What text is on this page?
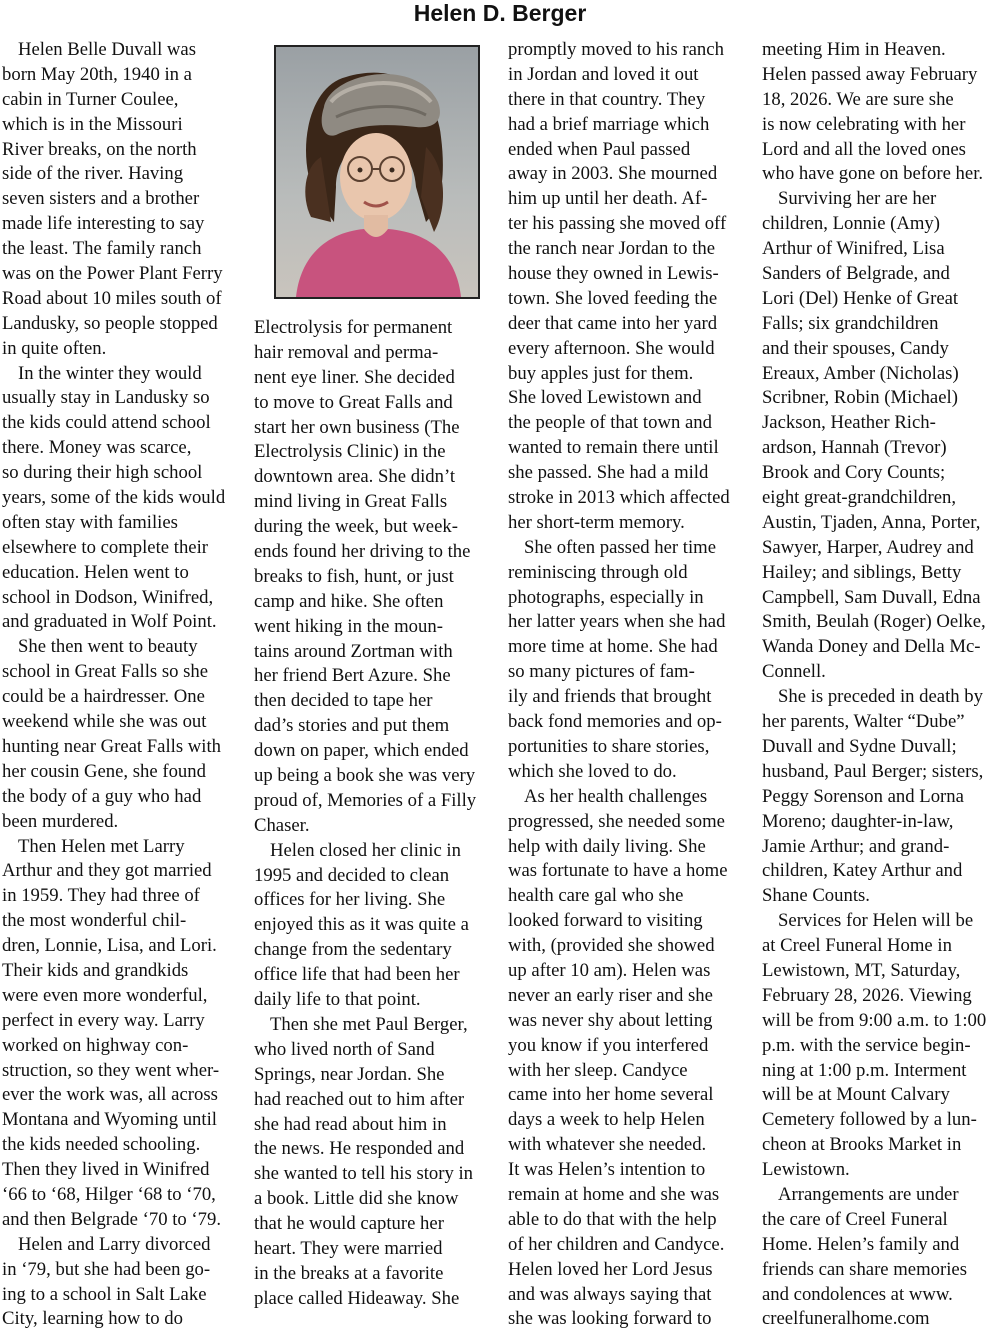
Helen D. Berger
Helen Belle Duvall was
born May 20th, 1940 in a
cabin in Turner Coulee,
which is in the Missouri
River breaks, on the north
side of the river. Having
seven sisters and a brother
made life interesting to say
the least. The family ranch
was on the Power Plant Ferry
Road about 10 miles south of
Landusky, so people stopped
in quite often.
In the winter they would
usually stay in Landusky so
the kids could attend school
there. Money was scarce,
so during their high school
years, some of the kids would
often stay with families
elsewhere to complete their
education. Helen went to
school in Dodson, Winifred,
and graduated in Wolf Point.
She then went to beauty
school in Great Falls so she
could be a hairdresser. One
weekend while she was out
hunting near Great Falls with
her cousin Gene, she found
the body of a guy who had
been murdered.
Then Helen met Larry
Arthur and they got married
in 1959. They had three of
the most wonderful chil-
dren, Lonnie, Lisa, and Lori.
Their kids and grandkids
were even more wonderful,
perfect in every way. Larry
worked on highway con-
struction, so they went wher-
ever the work was, all across
Montana and Wyoming until
the kids needed schooling.
Then they lived in Winifred
‘66 to ‘68, Hilger ‘68 to ‘70,
and then Belgrade ‘70 to ‘79.
Helen and Larry divorced
in ‘79, but she had been go-
ing to a school in Salt Lake
City, learning how to do
Electrolysis for permanent
hair removal and perma-
nent eye liner. She decided
to move to Great Falls and
start her own business (The
Electrolysis Clinic) in the
downtown area. She didn’t
mind living in Great Falls
during the week, but week-
ends found her driving to the
breaks to fish, hunt, or just
camp and hike. She often
went hiking in the moun-
tains around Zortman with
her friend Bert Azure. She
then decided to tape her
dad’s stories and put them
down on paper, which ended
up being a book she was very
proud of, Memories of a Filly
Chaser.
Helen closed her clinic in
1995 and decided to clean
offices for her living. She
enjoyed this as it was quite a
change from the sedentary
office life that had been her
daily life to that point.
Then she met Paul Berger,
who lived north of Sand
Springs, near Jordan. She
had reached out to him after
she had read about him in
the news. He responded and
she wanted to tell his story in
a book. Little did she know
that he would capture her
heart. They were married
in the breaks at a favorite
place called Hideaway. She
promptly moved to his ranch
in Jordan and loved it out
there in that country. They
had a brief marriage which
ended when Paul passed
away in 2003. She mourned
him up until her death. Af-
ter his passing she moved off
the ranch near Jordan to the
house they owned in Lewis-
town. She loved feeding the
deer that came into her yard
every afternoon. She would
buy apples just for them.
She loved Lewistown and
the people of that town and
wanted to remain there until
she passed. She had a mild
stroke in 2013 which affected
her short-term memory.
She often passed her time
reminiscing through old
photographs, especially in
her latter years when she had
more time at home. She had
so many pictures of fam-
ily and friends that brought
back fond memories and op-
portunities to share stories,
which she loved to do.
As her health challenges
progressed, she needed some
help with daily living. She
was fortunate to have a home
health care gal who she
looked forward to visiting
with, (provided she showed
up after 10 am). Helen was
never an early riser and she
was never shy about letting
you know if you interfered
with her sleep. Candyce
came into her home several
days a week to help Helen
with whatever she needed.
It was Helen’s intention to
remain at home and she was
able to do that with the help
of her children and Candyce.
Helen loved her Lord Jesus
and was always saying that
she was looking forward to
meeting Him in Heaven.
Helen passed away February
18, 2026. We are sure she
is now celebrating with her
Lord and all the loved ones
who have gone on before her.
Surviving her are her
children, Lonnie (Amy)
Arthur of Winifred, Lisa
Sanders of Belgrade, and
Lori (Del) Henke of Great
Falls; six grandchildren
and their spouses, Candy
Ereaux, Amber (Nicholas)
Scribner, Robin (Michael)
Jackson, Heather Rich-
ardson, Hannah (Trevor)
Brook and Cory Counts;
eight great-grandchildren,
Austin, Tjaden, Anna, Porter,
Sawyer, Harper, Audrey and
Hailey; and siblings, Betty
Campbell, Sam Duvall, Edna
Smith, Beulah (Roger) Oelke,
Wanda Doney and Della Mc-
Connell.
She is preceded in death by
her parents, Walter “Dube”
Duvall and Sydne Duvall;
husband, Paul Berger; sisters,
Peggy Sorenson and Lorna
Moreno; daughter-in-law,
Jamie Arthur; and grand-
children, Katey Arthur and
Shane Counts.
Services for Helen will be
at Creel Funeral Home in
Lewistown, MT, Saturday,
February 28, 2026. Viewing
will be from 9:00 a.m. to 1:00
p.m. with the service begin-
ning at 1:00 p.m. Interment
will be at Mount Calvary
Cemetery followed by a lun-
cheon at Brooks Market in
Lewistown.
Arrangements are under
the care of Creel Funeral
Home. Helen’s family and
friends can share memories
and condolences at www.
creelfuneralhome.com
